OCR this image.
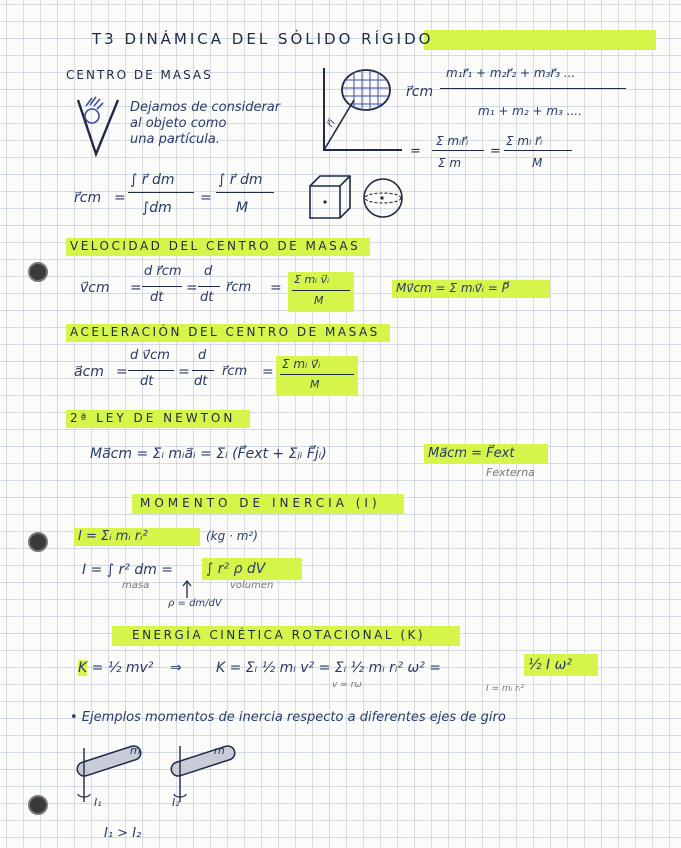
T3 DINÁMICA DEL SÓLIDO RÍGIDO
CENTRO DE MASAS
Dejamos de considerar
al objeto como
una partícula.
r⃗i
r⃗cm
m₁r⃗₁ + m₂r⃗₂ + m₃r⃗₃ ...
m₁ + m₂ + m₃ ....
=
Σ mᵢr⃗ᵢ
Σ m
=
Σ mᵢ r⃗ᵢ
M
r⃗cm =
∫ r⃗ dm
∫dm
=
∫ r⃗ dm
M
VELOCIDAD DEL CENTRO DE MASAS
v⃗cm =
d r⃗cm
dt
=
d
dt
r⃗cm =
Σ mᵢ v⃗ᵢ
M
Mv⃗cm = Σ mᵢv⃗ᵢ = P⃗
ACELERACIÓN DEL CENTRO DE MASAS
a⃗cm =
d v⃗cm
dt
=
d
dt
r⃗cm = Σ mᵢ v⃗ᵢ
M
2ª LEY DE NEWTON
Ma⃗cm = Σᵢ mᵢa⃗ᵢ = Σᵢ (F⃗ext + Σⱼᵢ F⃗jᵢ)	Ma⃗cm = F⃗ext
Fexterna
MOMENTO DE INERCIA (I)
I = Σᵢ mᵢ rᵢ²	(kg · m²)
I = ∫ r² dm = ∫ r² ρ dV
masa	volumen
ρ = dm/dV
ENERGÍA CINÉTICA ROTACIONAL (K)
K = ½ mv² ⇒ K = Σᵢ ½ mᵢ v² = Σᵢ ½ mᵢ rᵢ² ω² =	½ I ω²
v = rω	I = mᵢ rᵢ²
• Ejemplos momentos de inercia respecto a diferentes ejes de giro
m
I₁
m
I₂
I₁ > I₂
